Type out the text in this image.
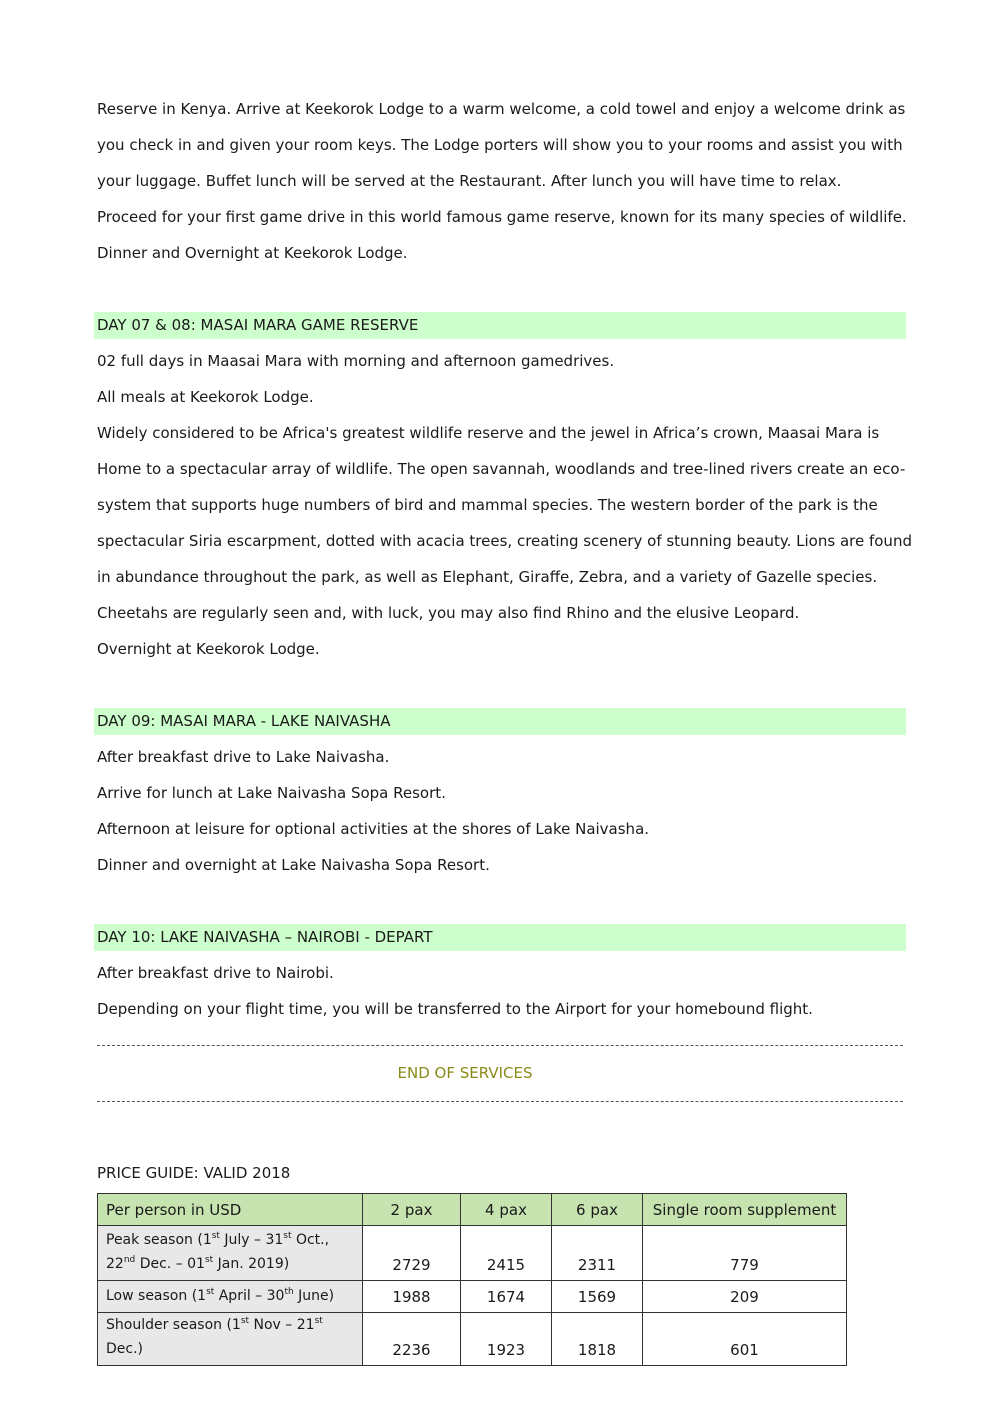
Reserve in Kenya. Arrive at Keekorok Lodge to a warm welcome, a cold towel and enjoy a welcome drink as
you check in and given your room keys. The Lodge porters will show you to your rooms and assist you with
your luggage. Buffet lunch will be served at the Restaurant. After lunch you will have time to relax.
Proceed for your first game drive in this world famous game reserve, known for its many species of wildlife.
Dinner and Overnight at Keekorok Lodge.
DAY 07 & 08: MASAI MARA GAME RESERVE
02 full days in Maasai Mara with morning and afternoon gamedrives.
All meals at Keekorok Lodge.
Widely considered to be Africa's greatest wildlife reserve and the jewel in Africa’s crown, Maasai Mara is
Home to a spectacular array of wildlife. The open savannah, woodlands and tree-lined rivers create an eco-
system that supports huge numbers of bird and mammal species. The western border of the park is the
spectacular Siria escarpment, dotted with acacia trees, creating scenery of stunning beauty. Lions are found
in abundance throughout the park, as well as Elephant, Giraffe, Zebra, and a variety of Gazelle species.
Cheetahs are regularly seen and, with luck, you may also find Rhino and the elusive Leopard.
Overnight at Keekorok Lodge.
DAY 09: MASAI MARA - LAKE NAIVASHA
After breakfast drive to Lake Naivasha.
Arrive for lunch at Lake Naivasha Sopa Resort.
Afternoon at leisure for optional activities at the shores of Lake Naivasha.
Dinner and overnight at Lake Naivasha Sopa Resort.
DAY 10: LAKE NAIVASHA – NAIROBI - DEPART
After breakfast drive to Nairobi.
Depending on your flight time, you will be transferred to the Airport for your homebound flight.
END OF SERVICES
PRICE GUIDE: VALID 2018
Per person in USD	2 pax	4 pax	6 pax	Single room supplement
Peak season (1st July – 31st Oct., 22nd Dec. – 01st Jan. 2019)	2729	2415	2311	779
Low season (1st April – 30th June)	1988	1674	1569	209
Shoulder season (1st Nov – 21st Dec.)	2236	1923	1818	601
